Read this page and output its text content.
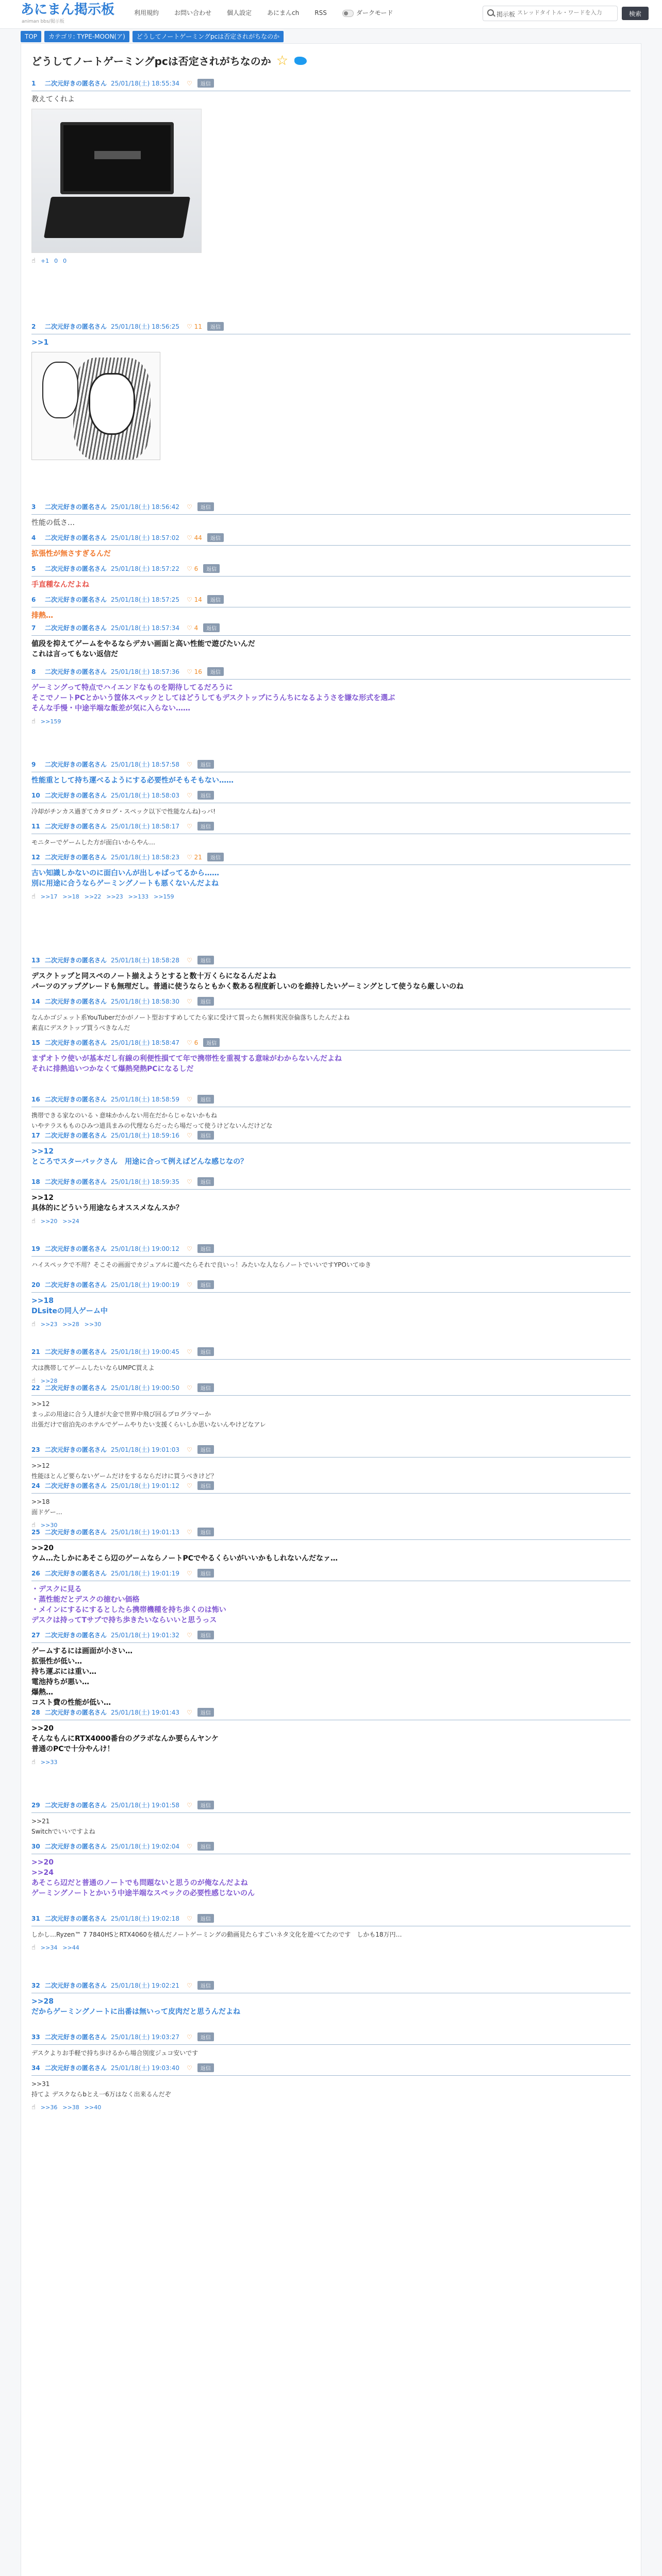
あにまん掲示板
animan bbs/掲示板
利用規約	お問い合わせ	個人設定	あにまんch	RSS	ダークモード	掲示板
スレッドタイトル・ワードを入力	検索
TOP	カテゴリ: TYPE-MOON(ア)	どうしてノートゲーミングpcは否定されがちなのか
どうしてノートゲーミングpcは否定されがちなのか ☆
1 二次元好きの匿名さん 25/01/18(土) 18:55:34 ♡	返信
教えてくれよ
☝ +1 0 0
2 二次元好きの匿名さん 25/01/18(土) 18:56:25 ♡ 11 返信
>>1
3 二次元好きの匿名さん 25/01/18(土) 18:56:42 ♡	返信
性能の低さ…
4 二次元好きの匿名さん 25/01/18(土) 18:57:02 ♡ 44 返信
拡張性が無さすぎるんだ
5 二次元好きの匿名さん 25/01/18(土) 18:57:22 ♡ 6 返信
手直種なんだよね
6 二次元好きの匿名さん 25/01/18(土) 18:57:25 ♡ 14 返信
排熱…
7 二次元好きの匿名さん 25/01/18(土) 18:57:34 ♡ 4 返信
値段を抑えてゲームをやるならデカい画面と高い性能で遊びたいんだ
これは言ってもない返信だ
8 二次元好きの匿名さん 25/01/18(土) 18:57:36 ♡ 16 返信
ゲーミングって特点でハイエンドなものを期待してるだろうに
そこでノートPCとかいう筐体スペックとしてはどうしてもデスクトップにうんちになるようさを嫌な形式を選ぶ
そんな手慢・中途半端な飯差が気に入らない……
☝ >>159
9 二次元好きの匿名さん 25/01/18(土) 18:57:58 ♡	返信
性能重として持ち運べるようにする必要性がそもそもない……
10 二次元好きの匿名さん 25/01/18(土) 18:58:03 ♡	返信
冷却がチンカス過ぎてカタログ・スペック以下で性能なんね)っバ!
11 二次元好きの匿名さん 25/01/18(土) 18:58:17 ♡	返信
モニターでゲームした方が面白いからやん…
12 二次元好きの匿名さん 25/01/18(土) 18:58:23 ♡ 21 返信
古い知識しかないのに面白いんが出しゃばってるから……
別に用途に合うならゲーミングノートも悪くないんだよね
☝ >>17 >>18 >>22 >>23 >>133 >>159
13 二次元好きの匿名さん 25/01/18(土) 18:58:28 ♡	返信
デスクトップと同スペのノート揃えようとすると数十万くらになるんだよね
パーツのアップグレードも無理だし。普通に使うならともかく数ある程度新しいのを維持したいゲーミングとして使うなら厳しいのね
14 二次元好きの匿名さん 25/01/18(土) 18:58:30 ♡	返信
なんかゴジェット系YouTuberだかがノート型おすすめしてたら家に受けて買ったら無料実況奈倫落ちしたんだよね
素直にデスクトップ買うべきなんだ
15 二次元好きの匿名さん 25/01/18(土) 18:58:47 ♡ 6 返信
まずオトウ使いが基本だし有線の利便性損てて年で携帯性を重視する意味がわからないんだよね
それに排熱追いつかなくて爆熱発熱PCになるしだ
16 二次元好きの匿名さん 25/01/18(土) 18:58:59 ♡	返信
携帯できる家なのいるヽ意味かかんない用在だからじゃないかもね
いやテラスもものひみつ道具まみの代理ならだったら場だって使うけどないんだけどな
17 二次元好きの匿名さん 25/01/18(土) 18:59:16 ♡	返信
>>12
ところでスターバックさん　用途に合って例えばどんな感じなの？
18 二次元好きの匿名さん 25/01/18(土) 18:59:35 ♡	返信
>>12
具体的にどういう用途ならオススメなんスか？
☝ >>20 >>24
19 二次元好きの匿名さん 25/01/18(土) 19:00:12 ♡	返信
ハイスペックで不用？そこその画面でカジュアルに遊べたらそれで良いっ！みたいな人ならノートでいいですYPOいてゆき
20 二次元好きの匿名さん 25/01/18(土) 19:00:19 ♡	返信
>>18
DLsiteの同人ゲーム中
☝ >>23 >>28 >>30
21 二次元好きの匿名さん 25/01/18(土) 19:00:45 ♡	返信
犬は携帯してゲームしたいならUMPC買えよ
☝ >>28
22 二次元好きの匿名さん 25/01/18(土) 19:00:50 ♡	返信
>>12
まっぷの用途に合う人達が大金で世界中飛び回るプログラマーか
出張だけで宿泊先のホテルでゲームやりたい支援くらいしか思いないんやけどなアレ
23 二次元好きの匿名さん 25/01/18(土) 19:01:03 ♡	返信
>>12
性能ほとんど要らないゲームだけをするならだけに買うべきけど？
24 二次元好きの匿名さん 25/01/18(土) 19:01:12 ♡	返信
>>18
面ドゲー…
☝ >>30
25 二次元好きの匿名さん 25/01/18(土) 19:01:13 ♡	返信
>>20
ウム…たしかにあそこら辺のゲームならノートPCでやるくらいがいいかもしれないんだなァ…
26 二次元好きの匿名さん 25/01/18(土) 19:01:19 ♡	返信
・デスクに見る
・蒸性能だとデスクの徳むい価格
・メインにするにするとしたら携帯機種を持ち歩くのは怖い
デスクは持ってTサブで持ち歩きたいならいいと思うっス
27 二次元好きの匿名さん 25/01/18(土) 19:01:32 ♡	返信
ゲームするには画面が小さい…
拡張性が低い…
持ち運ぶには重い…
電池持ちが悪い…
爆熱…
コスト費の性能が低い…
28 二次元好きの匿名さん 25/01/18(土) 19:01:43 ♡	返信
>>20
そんなもんにRTX4000番台のグラボなんか要らんヤンケ
普通のPCで十分やんけ！
☝ >>33
29 二次元好きの匿名さん 25/01/18(土) 19:01:58 ♡	返信
>>21
Switchでいいですよね
30 二次元好きの匿名さん 25/01/18(土) 19:02:04 ♡	返信
>>20
>>24
あそこら辺だと普通のノートでも問題ないと思うのが俺なんだよね
ゲーミングノートとかいう中途半端なスペックの必要性感じないのん
31 二次元好きの匿名さん 25/01/18(土) 19:02:18 ♡	返信
しかし…Ryzen™ 7 7840HSとRTX4060を積んだノートゲーミングの動画見たらすごいネタ文化を遊べてたのです　しかも18万円…
☝ >>34 >>44
32 二次元好きの匿名さん 25/01/18(土) 19:02:21 ♡	返信
>>28
だからゲーミングノートに出番は無いって皮肉だと思うんだよね
33 二次元好きの匿名さん 25/01/18(土) 19:03:27 ♡	返信
デスクよりお手軽で持ち歩けるから場合別度ジュコ安いです
34 二次元好きの匿名さん 25/01/18(土) 19:03:40 ♡	返信
>>31
持てよ デスクならbとえ一6万はなく出来るんだぞ
☝ >>36 >>38 >>40
